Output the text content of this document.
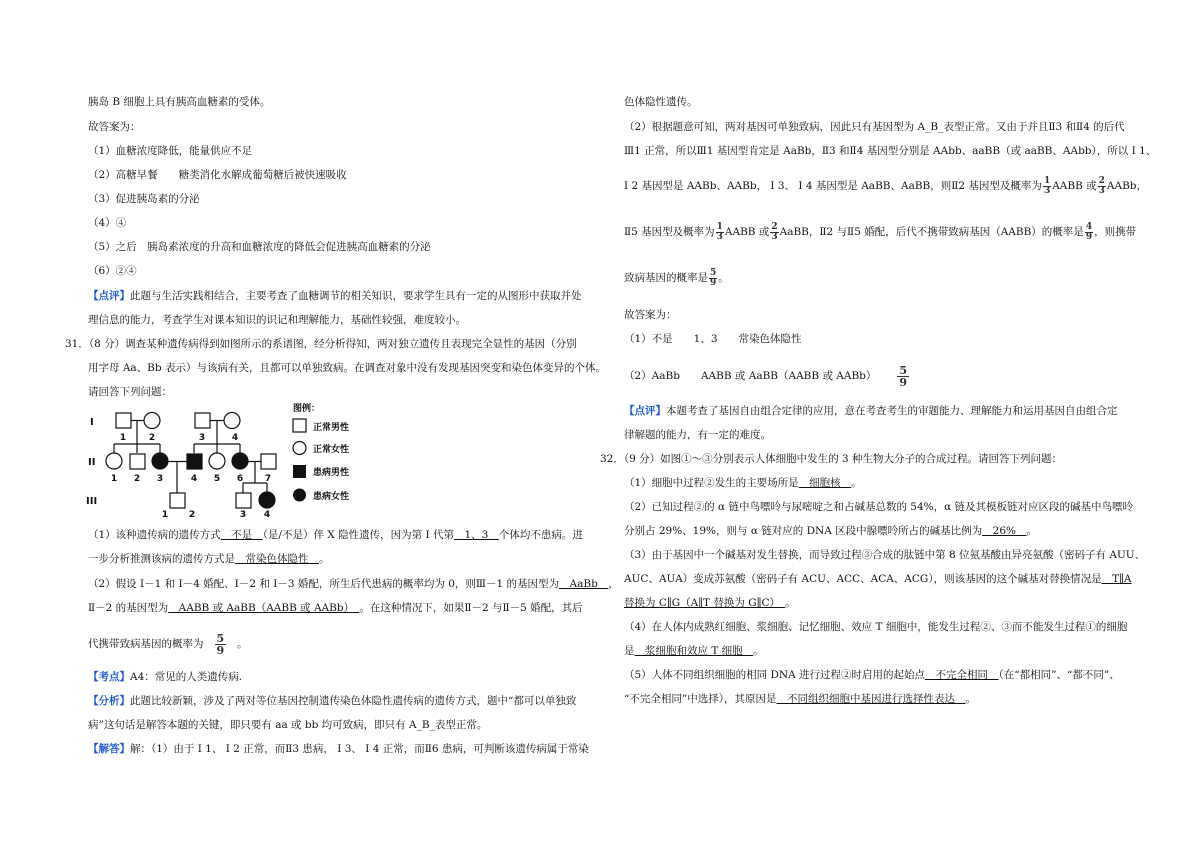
胰岛 B 细胞上具有胰高血糖素的受体。
故答案为：
（1）血糖浓度降低，能量供应不足
（2）高糖早餐　　糖类消化水解成葡萄糖后被快速吸收
（3）促进胰岛素的分泌
（4）④
（5）之后　胰岛素浓度的升高和血糖浓度的降低会促进胰高血糖素的分泌
（6）②④
【点评】此题与生活实践相结合，主要考查了血糖调节的相关知识，要求学生具有一定的从图形中获取并处
理信息的能力，考查学生对课本知识的识记和理解能力，基础性较强，难度较小。
31．（8 分）调查某种遗传病得到如图所示的系谱图，经分析得知，两对独立遗传且表现完全显性的基因（分别
用字母 Aa、Bb 表示）与该病有关，且都可以单独致病。在调查对象中没有发现基因突变和染色体变异的个体。
请回答下列问题：
I
II
III
1	2	3	4
1 2 3	4 5 6 7
1 2	3 4
图例：
正常男性
正常女性
患病男性
患病女性
（1）该种遗传病的遗传方式　不是　（是/不是）伴 X 隐性遗传，因为第 I 代第　1、3　个体均不患病。进
一步分析推测该病的遗传方式是　常染色体隐性　。
（2）假设 I－1 和 I－4 婚配、I－2 和 I－3 婚配，所生后代患病的概率均为 0，则Ⅲ－1 的基因型为　AaBb　，
Ⅱ－2 的基因型为　AABB 或 AaBB（AABB 或 AABb）　。在这种情况下，如果Ⅱ－2 与Ⅱ－5 婚配，其后
代携带致病基因的概率为 $\frac{5}{9}$ 。
【考点】A4：常见的人类遗传病.
【分析】此题比较新颖，涉及了两对等位基因控制遗传染色体隐性遗传病的遗传方式，题中“都可以单独致
病”这句话是解答本题的关键，即只要有 aa 或 bb 均可致病，即只有 A_B_表型正常。
【解答】解：（1）由于 I 1、 I 2 正常，而Ⅱ3 患病， I 3、 I 4 正常，而Ⅱ6 患病，可判断该遗传病属于常染
色体隐性遗传。
（2）根据题意可知，两对基因可单独致病，因此只有基因型为 A_B_表型正常。又由于并且Ⅱ3 和Ⅱ4 的后代
Ⅲ1 正常，所以Ⅲ1 基因型肯定是 AaBb，Ⅱ3 和Ⅱ4 基因型分别是 AAbb、aaBB（或 aaBB、AAbb），所以 I 1、
I 2 基因型是 AABb、AABb， I 3、 I 4 基因型是 AaBB、AaBB，则Ⅱ2 基因型及概率为 $\frac{1}{3}$ AABB 或 $\frac{2}{3}$ AABb，
Ⅱ5 基因型及概率为 $\frac{1}{3}$ AABB 或 $\frac{2}{3}$ AaBB，Ⅱ2 与Ⅱ5 婚配，后代不携带致病基因（AABB）的概率是 $\frac{4}{9}$ ，则携带
致病基因的概率是 $\frac{5}{9}$ 。
故答案为：
（1）不是　　1、3　　常染色体隐性
（2）AaBb　　AABB 或 AaBB（AABB 或 AABb） $\frac{5}{9}$
【点评】本题考查了基因自由组合定律的应用，意在考查考生的审题能力、理解能力和运用基因自由组合定
律解题的能力，有一定的难度。
32．（9 分）如图①～③分别表示人体细胞中发生的 3 种生物大分子的合成过程。请回答下列问题：
（1）细胞中过程②发生的主要场所是　细胞核　。
（2）已知过程②的 α 链中鸟嘌呤与尿嘧啶之和占碱基总数的 54%，α 链及其模板链对应区段的碱基中鸟嘌呤
分别占 29%、19%，则与 α 链对应的 DNA 区段中腺嘌呤所占的碱基比例为　26%　。
（3）由于基因中一个碱基对发生替换，而导致过程③合成的肽链中第 8 位氨基酸由异亮氨酸（密码子有 AUU、
AUC、AUA）变成苏氨酸（密码子有 ACU、ACC、ACA、ACG），则该基因的这个碱基对替换情况是　T∥A
替换为 C∥G（A∥T 替换为 G∥C）　。
（4）在人体内成熟红细胞、浆细胞、记忆细胞、效应 T 细胞中，能发生过程②、③而不能发生过程①的细胞
是　浆细胞和效应 T 细胞　。
（5）人体不同组织细胞的相同 DNA 进行过程②时启用的起始点　不完全相同　（在“都相同”、“都不同”、
“不完全相同”中选择），其原因是　不同组织细胞中基因进行选择性表达　。
